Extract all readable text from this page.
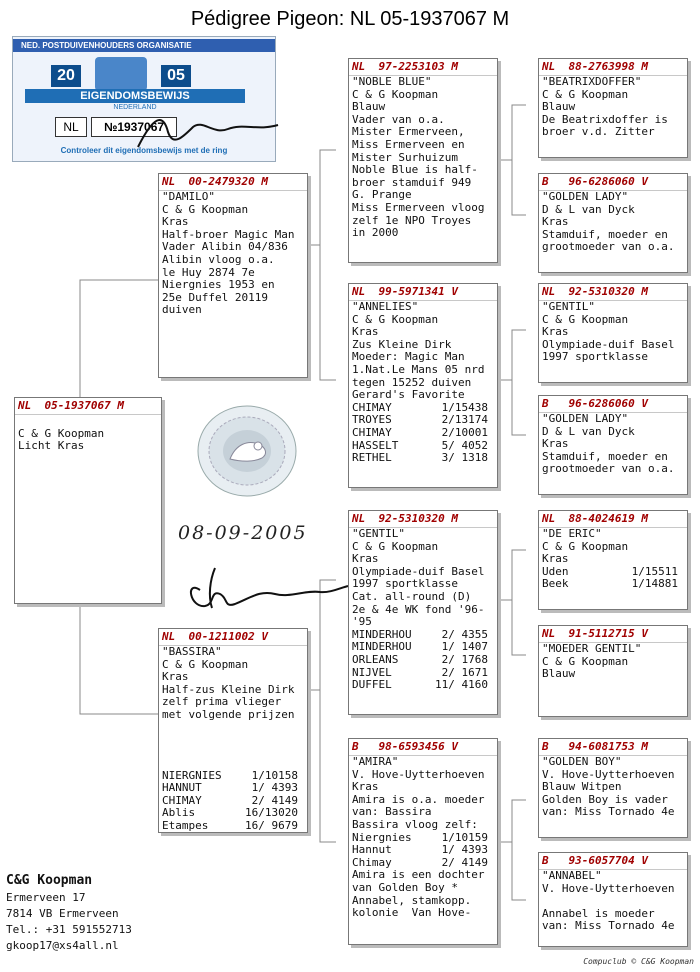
Pédigree Pigeon: NL 05-1937067 M
NED. POSTDUIVENHOUDERS ORGANISATIE
20	05
EIGENDOMSBEWIJS
NEDERLAND
NL	№1937067
Controleer dit eigendomsbewijs met de ring
08-09-2005
NL  05-1937067 M
C & G Koopman
Licht Kras
NL  00-2479320 M
"DAMILO"
C & G Koopman
Kras
Half-broer Magic Man
Vader Alibin 04/836
Alibin vloog o.a.
le Huy 2874 7e
Niergnies 1953 en
25e Duffel 20119
duiven
NL  00-1211002 V
"BASSIRA"
C & G Koopman
Kras
Half-zus Kleine Dirk
zelf prima vlieger
met volgende prijzen
NIERGNIES	1/10158
HANNUT	1/ 4393
CHIMAY	2/ 4149
Ablis	16/13020
Etampes	16/ 9679
NL  97-2253103 M
"NOBLE BLUE"
C & G Koopman
Blauw
Vader van o.a.
Mister Ermerveen,
Miss Ermerveen en
Mister Surhuizum
Noble Blue is half-
broer stamduif 949
G. Prange
Miss Ermerveen vloog
zelf 1e NPO Troyes
in 2000
NL  99-5971341 V
"ANNELIES"
C & G Koopman
Kras
Zus Kleine Dirk
Moeder: Magic Man
1.Nat.Le Mans 05 nrd
tegen 15252 duiven
Gerard's Favorite
CHIMAY	1/15438
TROYES	2/13174
CHIMAY	2/10001
HASSELT	5/ 4052
RETHEL	3/ 1318
NL  92-5310320 M
"GENTIL"
C & G Koopman
Kras
Olympiade-duif Basel
1997 sportklasse
Cat. all-round (D)
2e & 4e WK fond '96-
'95
MINDERHOU	2/ 4355
MINDERHOU	1/ 1407
ORLEANS	2/ 1768
NIJVEL	2/ 1671
DUFFEL	11/ 4160
B   98-6593456 V
"AMIRA"
V. Hove-Uytterhoeven
Kras
Amira is o.a. moeder
van: Bassira
Bassira vloog zelf:
Niergnies	1/10159
Hannut	1/ 4393
Chimay	2/ 4149
Amira is een dochter
van Golden Boy *
Annabel, stamkopp.
kolonie  Van Hove-
NL  88-2763998 M
"BEATRIXDOFFER"
C & G Koopman
Blauw
De Beatrixdoffer is
broer v.d. Zitter
B   96-6286060 V
"GOLDEN LADY"
D & L van Dyck
Kras
Stamduif, moeder en
grootmoeder van o.a.
NL  92-5310320 M
"GENTIL"
C & G Koopman
Kras
Olympiade-duif Basel
1997 sportklasse
B   96-6286060 V
"GOLDEN LADY"
D & L van Dyck
Kras
Stamduif, moeder en
grootmoeder van o.a.
NL  88-4024619 M
"DE ERIC"
C & G Koopman
Kras
Uden	1/15511
Beek	1/14881
NL  91-5112715 V
"MOEDER GENTIL"
C & G Koopman
Blauw
B   94-6081753 M
"GOLDEN BOY"
V. Hove-Uytterhoeven
Blauw Witpen
Golden Boy is vader
van: Miss Tornado 4e
B   93-6057704 V
"ANNABEL"
V. Hove-Uytterhoeven
Annabel is moeder
van: Miss Tornado 4e
C&G Koopman
Ermerveen 17
7814 VB Ermerveen
Tel.: +31 591552713
gkoop17@xs4all.nl
Compuclub © C&G Koopman
